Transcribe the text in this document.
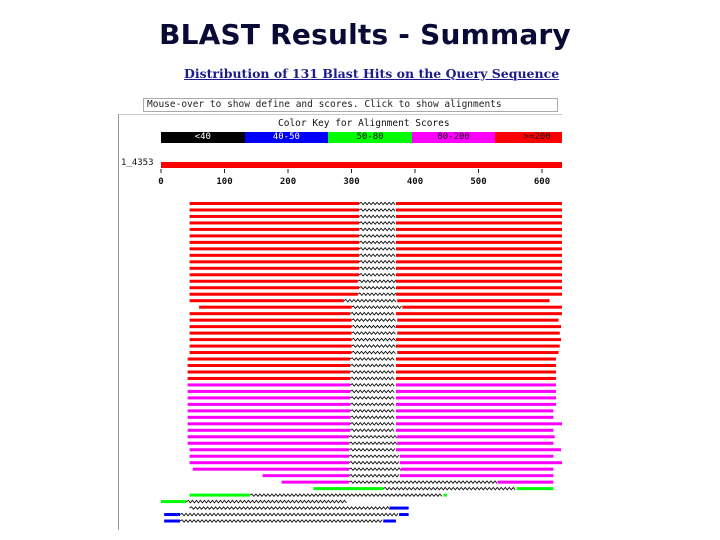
BLAST Results - Summary
Distribution of 131 Blast Hits on the Query Sequence
Mouse-over to show define and scores. Click to show alignments
Color Key for Alignment Scores
<40	40-50	50-80	80-200	>=200
1_4353
0	100	200	300	400	500	600
